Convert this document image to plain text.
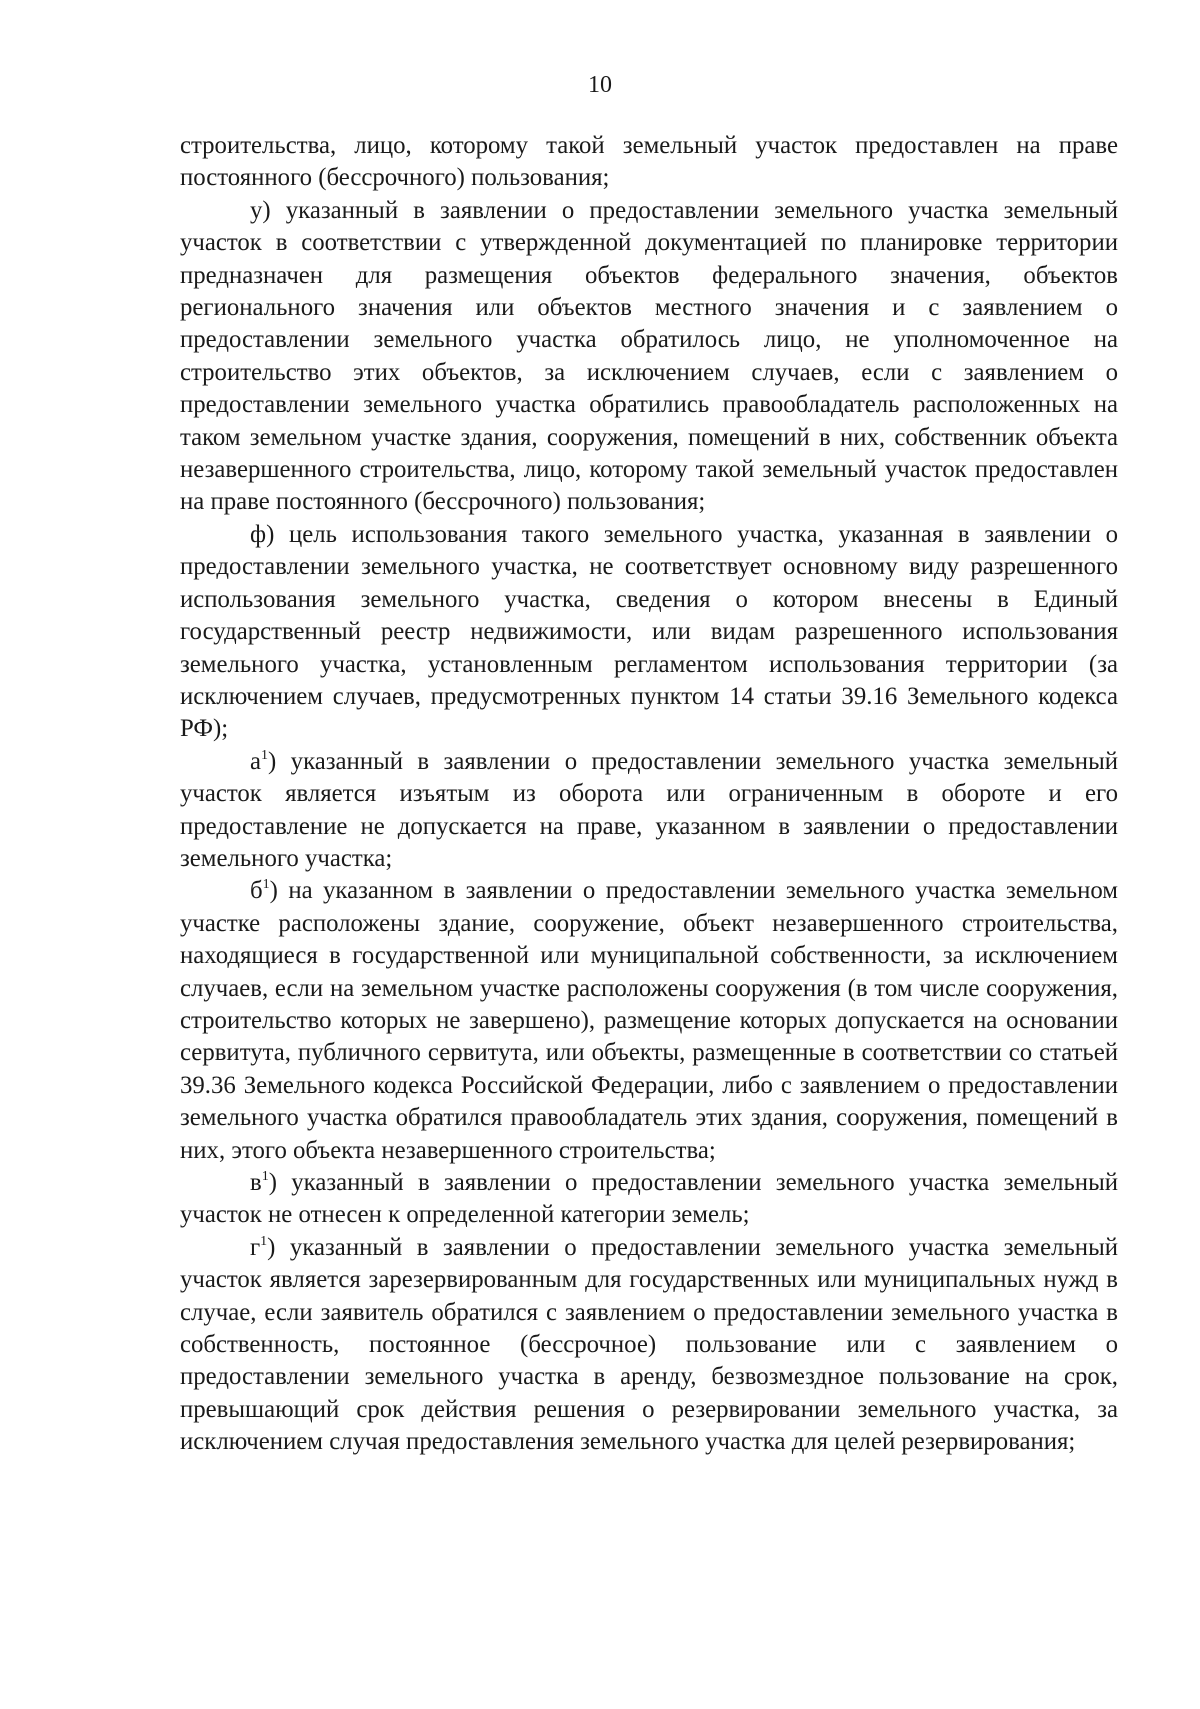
10

строительства, лицо, которому такой земельный участок предоставлен на праве постоянного (бессрочного) пользования;

у) указанный в заявлении о предоставлении земельного участка земельный участок в соответствии с утвержденной документацией по планировке территории предназначен для размещения объектов федерального значения, объектов регионального значения или объектов местного значения и с заявлением о предоставлении земельного участка обратилось лицо, не уполномоченное на строительство этих объектов, за исключением случаев, если с заявлением о предоставлении земельного участка обратились правообладатель расположенных на таком земельном участке здания, сооружения, помещений в них, собственник объекта незавершенного строительства, лицо, которому такой земельный участок предоставлен на праве постоянного (бессрочного) пользования;

ф) цель использования такого земельного участка, указанная в заявлении о предоставлении земельного участка, не соответствует основному виду разрешенного использования земельного участка, сведения о котором внесены в Единый государственный реестр недвижимости, или видам разрешенного использования земельного участка, установленным регламентом использования территории (за исключением случаев, предусмотренных пунктом 14 статьи 39.16 Земельного кодекса РФ);

$а^1$) указанный в заявлении о предоставлении земельного участка земельный участок является изъятым из оборота или ограниченным в обороте и его предоставление не допускается на праве, указанном в заявлении о предоставлении земельного участка;

$б^1$) на указанном в заявлении о предоставлении земельного участка земельном участке расположены здание, сооружение, объект незавершенного строительства, находящиеся в государственной или муниципальной собственности, за исключением случаев, если на земельном участке расположены сооружения (в том числе сооружения, строительство которых не завершено), размещение которых допускается на основании сервитута, публичного сервитута, или объекты, размещенные в соответствии со статьей 39.36 Земельного кодекса Российской Федерации, либо с заявлением о предоставлении земельного участка обратился правообладатель этих здания, сооружения, помещений в них, этого объекта незавершенного строительства;

$в^1$) указанный в заявлении о предоставлении земельного участка земельный участок не отнесен к определенной категории земель;

$г^1$) указанный в заявлении о предоставлении земельного участка земельный участок является зарезервированным для государственных или муниципальных нужд в случае, если заявитель обратился с заявлением о предоставлении земельного участка в собственность, постоянное (бессрочное) пользование или с заявлением о предоставлении земельного участка в аренду, безвозмездное пользование на срок, превышающий срок действия решения о резервировании земельного участка, за исключением случая предоставления земельного участка для целей резервирования;
